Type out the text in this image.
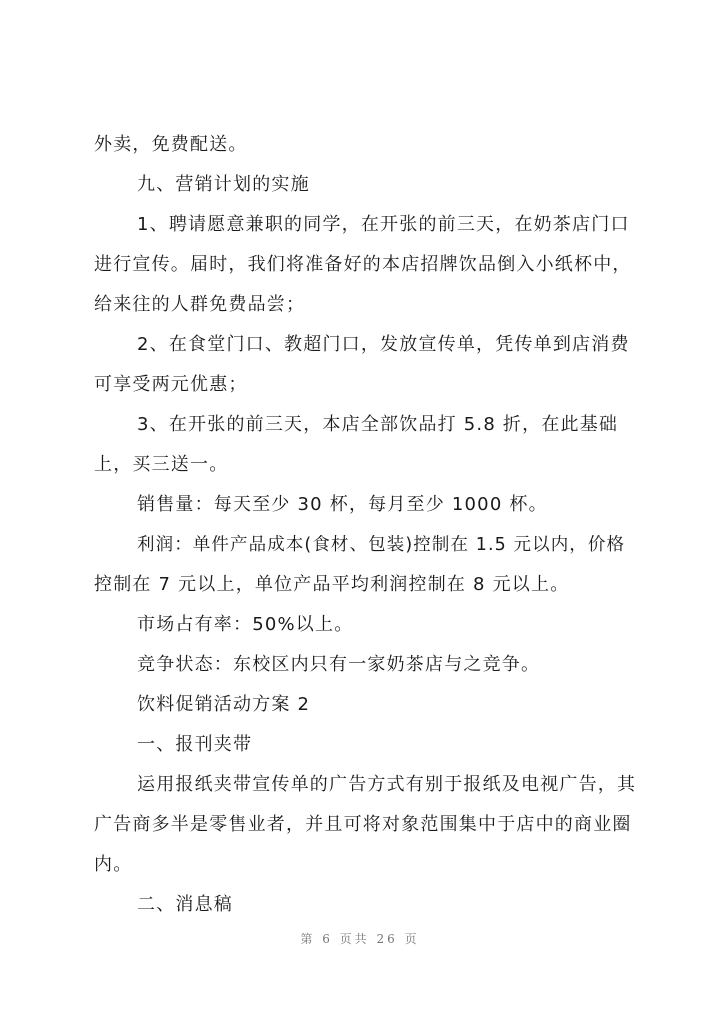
外卖，免费配送。
九、营销计划的实施
1、聘请愿意兼职的同学，在开张的前三天，在奶茶店门口
进行宣传。届时，我们将准备好的本店招牌饮品倒入小纸杯中，
给来往的人群免费品尝；
2、在食堂门口、教超门口，发放宣传单，凭传单到店消费
可享受两元优惠；
3、在开张的前三天，本店全部饮品打 5.8 折，在此基础
上，买三送一。
销售量：每天至少 30 杯，每月至少 1000 杯。
利润：单件产品成本(食材、包装)控制在 1.5 元以内，价格
控制在 7 元以上，单位产品平均利润控制在 8 元以上。
市场占有率：50%以上。
竞争状态：东校区内只有一家奶茶店与之竞争。
饮料促销活动方案 2
一、报刊夹带
运用报纸夹带宣传单的广告方式有别于报纸及电视广告，其
广告商多半是零售业者，并且可将对象范围集中于店中的商业圈
内。
二、消息稿
第 6 页共 26 页
